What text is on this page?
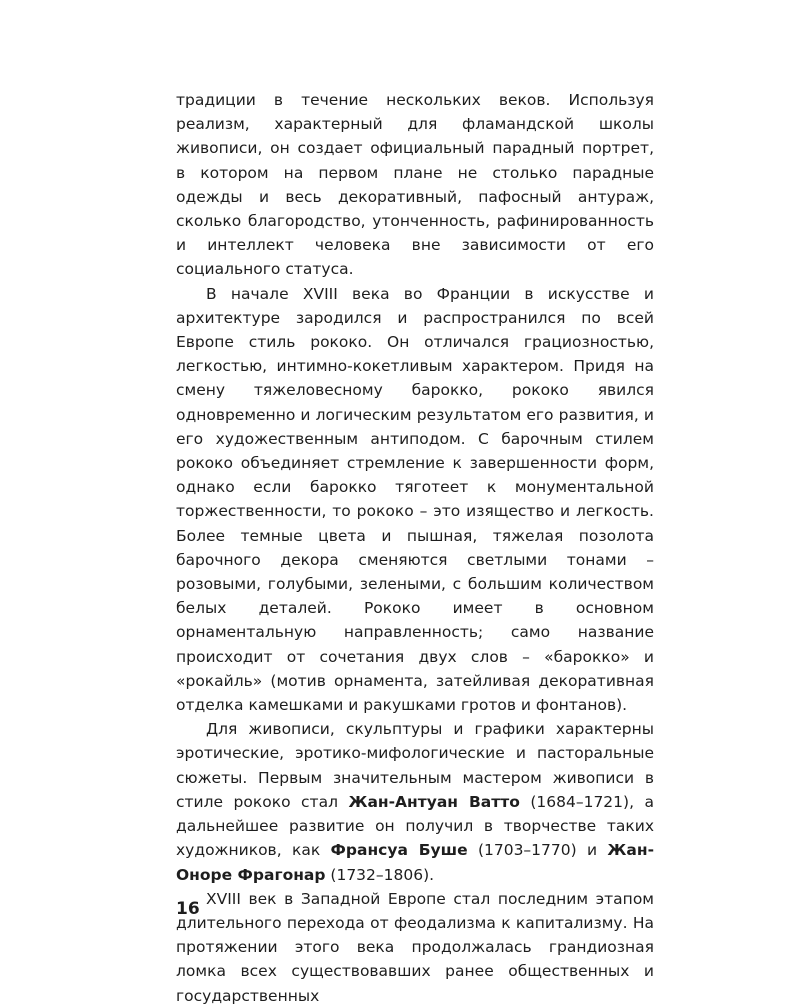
традиции в течение нескольких веков. Используя реализм, характерный для фламандской школы живописи, он создает официальный парадный портрет, в котором на первом плане не столько парадные одежды и весь декоративный, пафосный антураж, сколько благородство, утонченность, рафинированность и интеллект человека вне зависимости от его социального статуса.

В начале XVIII века во Франции в искусстве и архитектуре зародился и распространился по всей Европе стиль рококо. Он отличался грациозностью, легкостью, интимно-кокетливым характером. Придя на смену тяжеловесному барокко, рококо явился одновременно и логическим результатом его развития, и его художественным антиподом. С барочным стилем рококо объединяет стремление к завершенности форм, однако если барокко тяготеет к монументальной торжественности, то рококо – это изящество и легкость. Более темные цвета и пышная, тяжелая позолота барочного декора сменяются светлыми тонами – розовыми, голубыми, зелеными, с большим количеством белых деталей. Рококо имеет в основном орнаментальную направленность; само название происходит от сочетания двух слов – «барокко» и «рокайль» (мотив орнамента, затейливая декоративная отделка камешками и ракушками гротов и фонтанов).

Для живописи, скульптуры и графики характерны эротические, эротико-мифологические и пасторальные сюжеты. Первым значительным мастером живописи в стиле рококо стал Жан-Антуан Ватто (1684–1721), а дальнейшее развитие он получил в творчестве таких художников, как Франсуа Буше (1703–1770) и Жан-Оноре Фрагонар (1732–1806).

XVIII век в Западной Европе стал последним этапом длительного перехода от феодализма к капитализму. На протяжении этого века продолжалась грандиозная ломка всех существовавших ранее общественных и государственных

16
